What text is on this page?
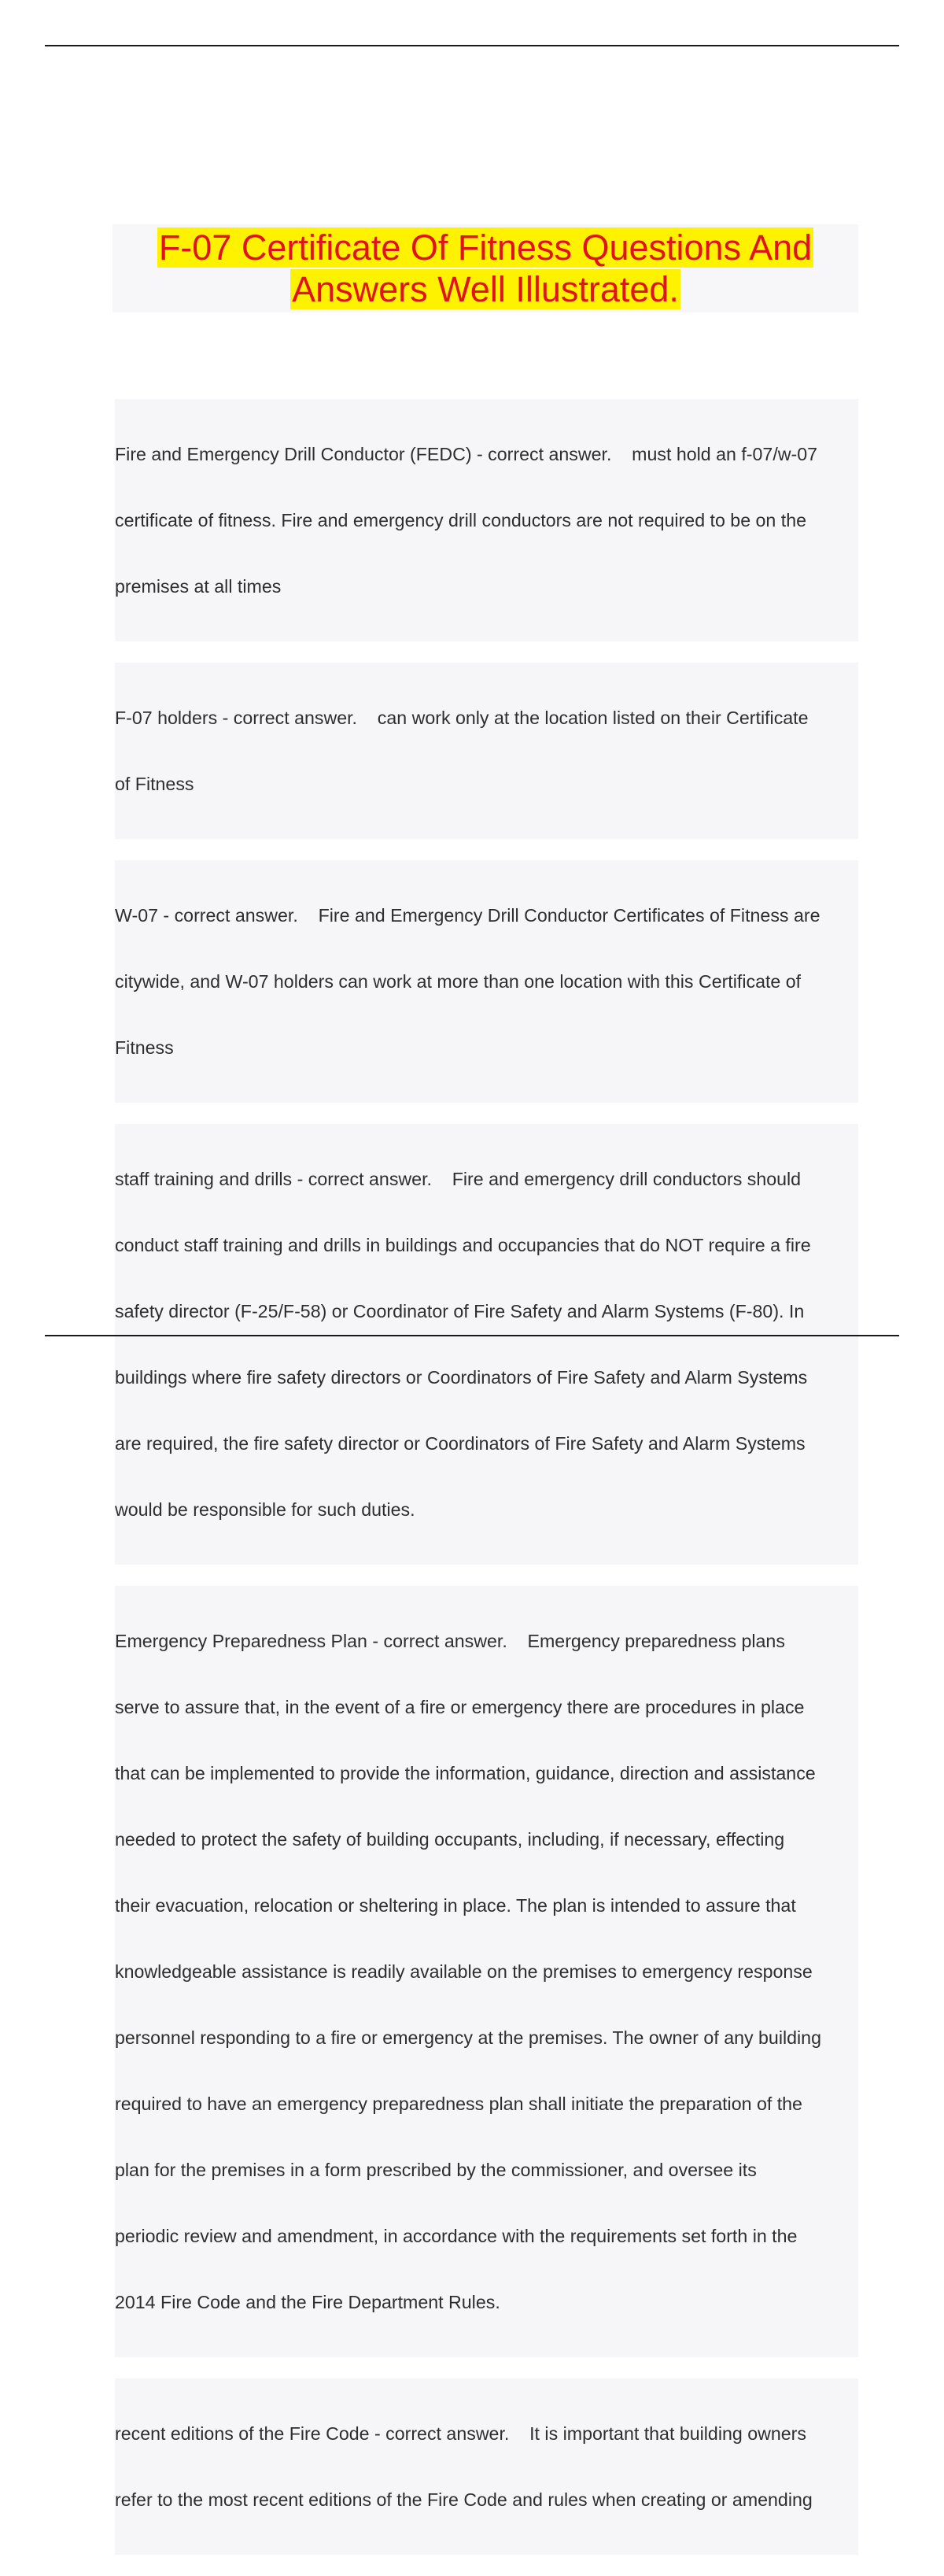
F-07 Certificate Of Fitness Questions And
Answers Well Illustrated.

Fire and Emergency Drill Conductor (FEDC) - correct answer.    must hold an f-07/w-07

certificate of fitness. Fire and emergency drill conductors are not required to be on the

premises at all times

F-07 holders - correct answer.    can work only at the location listed on their Certificate

of Fitness

W-07 - correct answer.    Fire and Emergency Drill Conductor Certificates of Fitness are

citywide, and W-07 holders can work at more than one location with this Certificate of

Fitness

staff training and drills - correct answer.    Fire and emergency drill conductors should

conduct staff training and drills in buildings and occupancies that do NOT require a fire

safety director (F-25/F-58) or Coordinator of Fire Safety and Alarm Systems (F-80). In

buildings where fire safety directors or Coordinators of Fire Safety and Alarm Systems

are required, the fire safety director or Coordinators of Fire Safety and Alarm Systems

would be responsible for such duties.

Emergency Preparedness Plan - correct answer.    Emergency preparedness plans

serve to assure that, in the event of a fire or emergency there are procedures in place

that can be implemented to provide the information, guidance, direction and assistance

needed to protect the safety of building occupants, including, if necessary, effecting

their evacuation, relocation or sheltering in place. The plan is intended to assure that

knowledgeable assistance is readily available on the premises to emergency response

personnel responding to a fire or emergency at the premises. The owner of any building

required to have an emergency preparedness plan shall initiate the preparation of the

plan for the premises in a form prescribed by the commissioner, and oversee its

periodic review and amendment, in accordance with the requirements set forth in the

2014 Fire Code and the Fire Department Rules.

recent editions of the Fire Code - correct answer.    It is important that building owners

refer to the most recent editions of the Fire Code and rules when creating or amending
